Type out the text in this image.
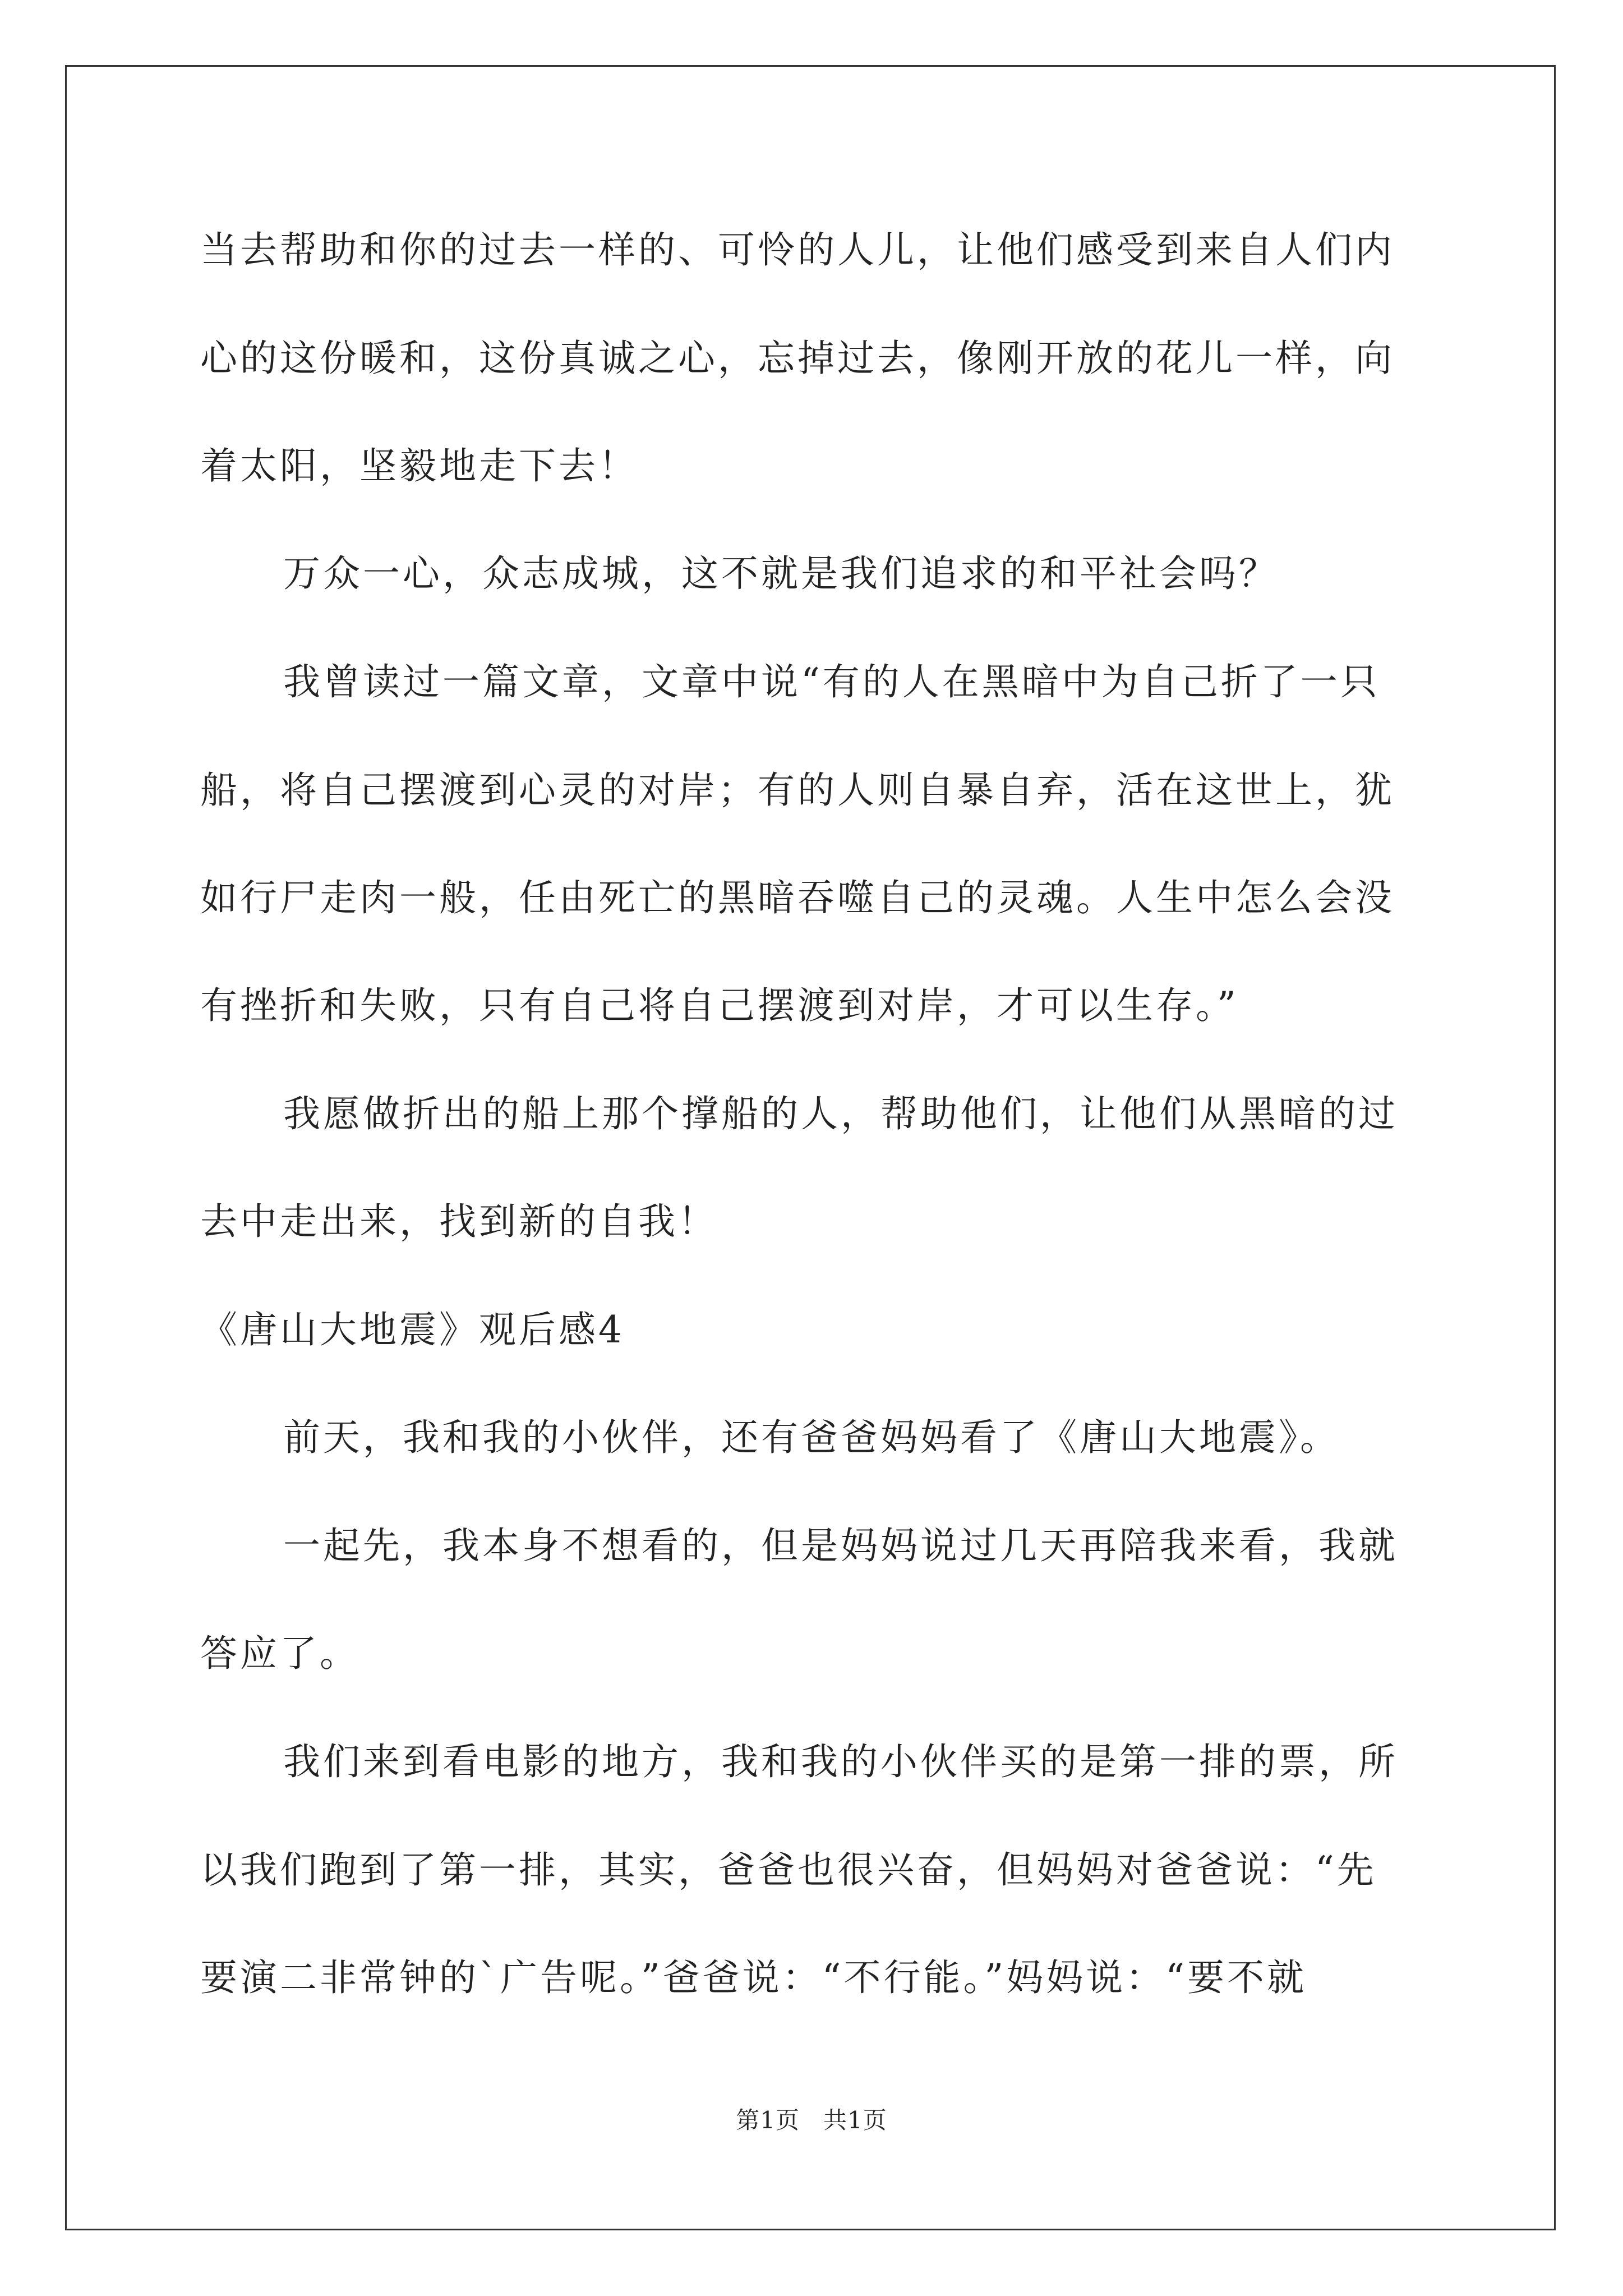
当去帮助和你的过去一样的、可怜的人儿，让他们感受到来自人们内
心的这份暖和，这份真诚之心，忘掉过去，像刚开放的花儿一样，向
着太阳，坚毅地走下去！
万众一心，众志成城，这不就是我们追求的和平社会吗？
我曾读过一篇文章，文章中说“有的人在黑暗中为自己折了一只
船，将自己摆渡到心灵的对岸；有的人则自暴自弃，活在这世上，犹
如行尸走肉一般，任由死亡的黑暗吞噬自己的灵魂。人生中怎么会没
有挫折和失败，只有自己将自己摆渡到对岸，才可以生存。”
我愿做折出的船上那个撑船的人，帮助他们，让他们从黑暗的过
去中走出来，找到新的自我！
《唐山大地震》观后感4
前天，我和我的小伙伴，还有爸爸妈妈看了《唐山大地震》。
一起先，我本身不想看的，但是妈妈说过几天再陪我来看，我就
答应了。
我们来到看电影的地方，我和我的小伙伴买的是第一排的票，所
以我们跑到了第一排，其实，爸爸也很兴奋，但妈妈对爸爸说：“先
要演二非常钟的`广告呢。”爸爸说：“不行能。”妈妈说：“要不就
第1页 共1页
